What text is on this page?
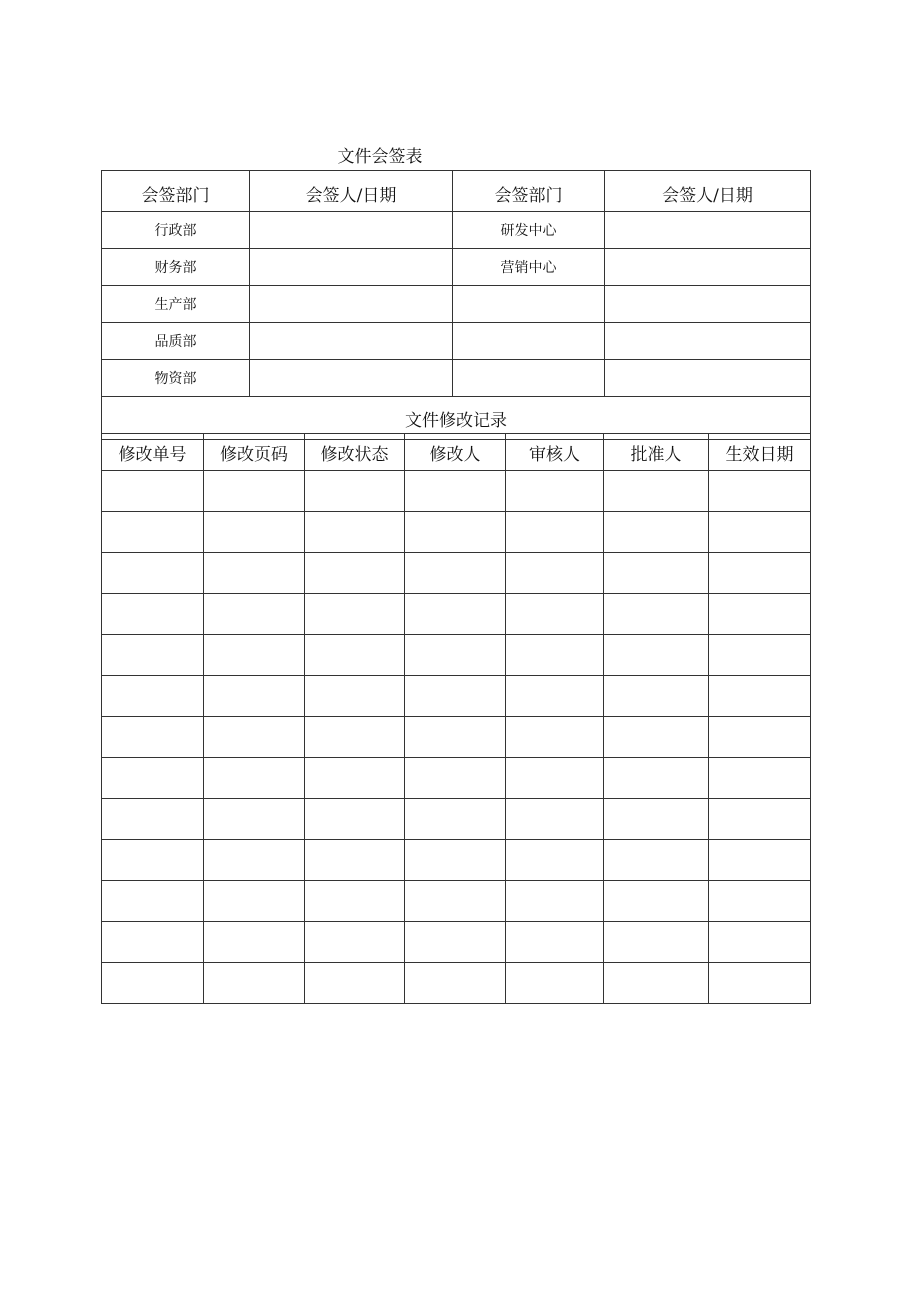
文件会签表
会签部门	会签人/日期	会签部门	会签人/日期
行政部		研发中心	
财务部		营销中心	
生产部			
品质部			
物资部			
文件修改记录			
修改单号	修改页码	修改状态	修改人	审核人	批准人	生效日期
